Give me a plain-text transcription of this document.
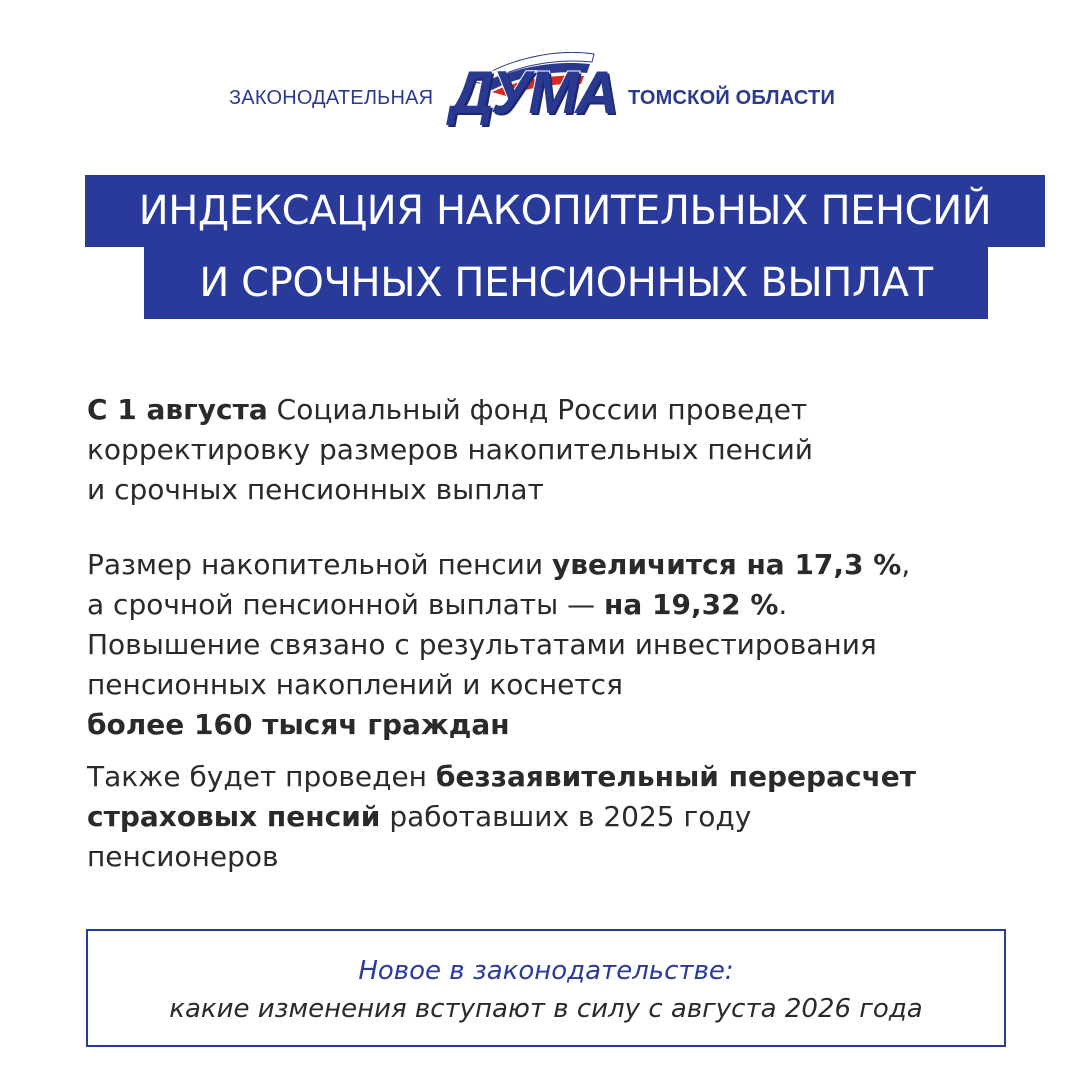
ЗАКОНОДАТЕЛЬНАЯ ДУМА ТОМСКОЙ ОБЛАСТИ
ИНДЕКСАЦИЯ НАКОПИТЕЛЬНЫХ ПЕНСИЙ
И СРОЧНЫХ ПЕНСИОННЫХ ВЫПЛАТ
С 1 августа Социальный фонд России проведет
корректировку размеров накопительных пенсий
и срочных пенсионных выплат
Размер накопительной пенсии увеличится на 17,3 %,
а срочной пенсионной выплаты — на 19,32 %.
Повышение связано с результатами инвестирования
пенсионных накоплений и коснется
более 160 тысяч граждан
Также будет проведен беззаявительный перерасчет
страховых пенсий работавших в 2025 году
пенсионеров
Новое в законодательстве:
какие изменения вступают в силу с августа 2026 года
